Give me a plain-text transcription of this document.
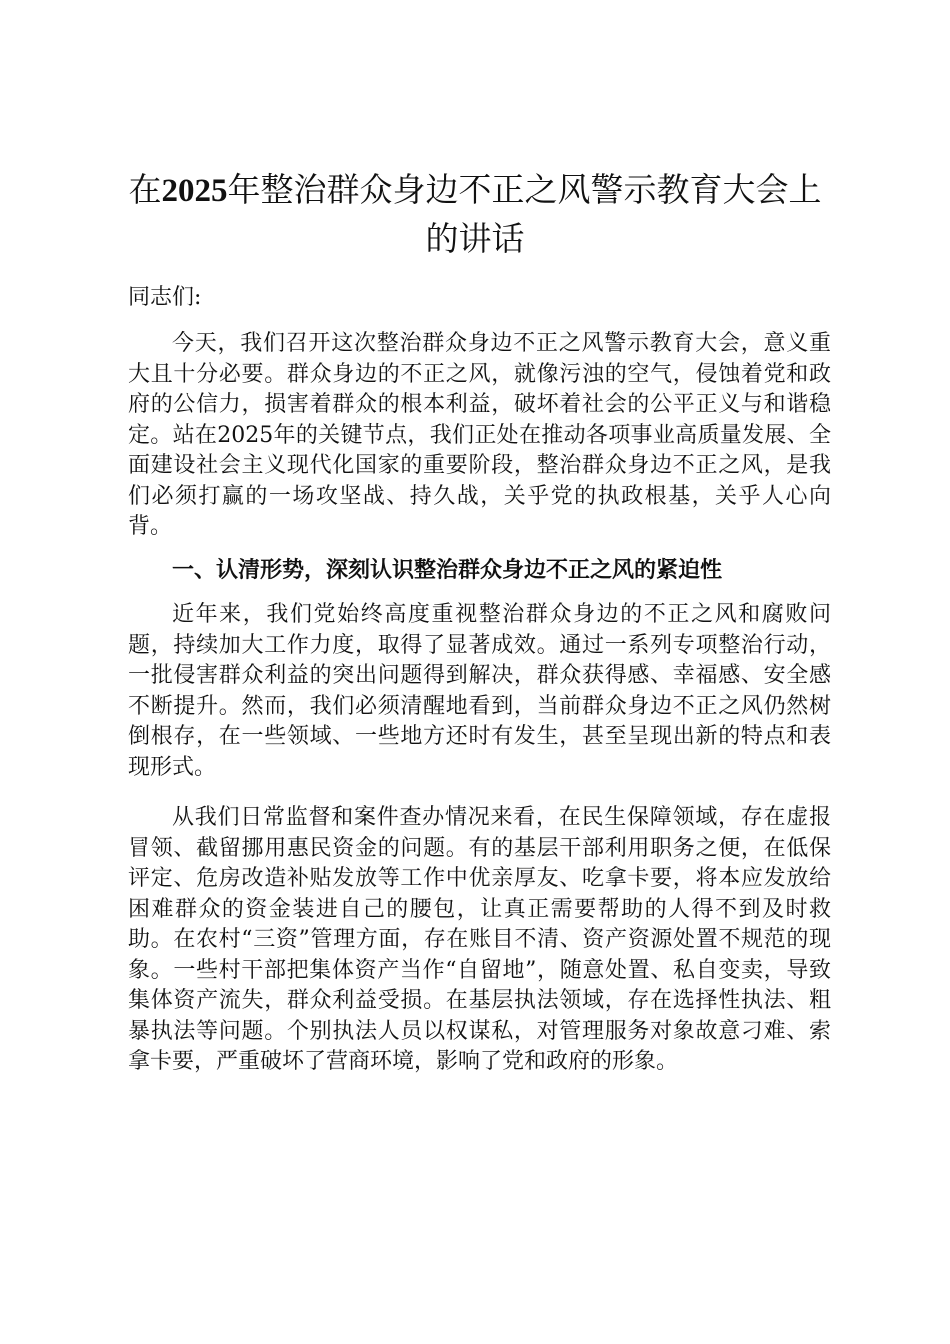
在2025年整治群众身边不正之风警示教育大会上的讲话

同志们:

今天，我们召开这次整治群众身边不正之风警示教育大会，意义重大且十分必要。群众身边的不正之风，就像污浊的空气，侵蚀着党和政府的公信力，损害着群众的根本利益，破坏着社会的公平正义与和谐稳定。站在2025年的关键节点，我们正处在推动各项事业高质量发展、全面建设社会主义现代化国家的重要阶段，整治群众身边不正之风，是我们必须打赢的一场攻坚战、持久战，关乎党的执政根基，关乎人心向背。

一、认清形势，深刻认识整治群众身边不正之风的紧迫性

近年来，我们党始终高度重视整治群众身边的不正之风和腐败问题，持续加大工作力度，取得了显著成效。通过一系列专项整治行动，一批侵害群众利益的突出问题得到解决，群众获得感、幸福感、安全感不断提升。然而，我们必须清醒地看到，当前群众身边不正之风仍然树倒根存，在一些领域、一些地方还时有发生，甚至呈现出新的特点和表现形式。

从我们日常监督和案件查办情况来看，在民生保障领域，存在虚报冒领、截留挪用惠民资金的问题。有的基层干部利用职务之便，在低保评定、危房改造补贴发放等工作中优亲厚友、吃拿卡要，将本应发放给困难群众的资金装进自己的腰包，让真正需要帮助的人得不到及时救助。在农村“三资”管理方面，存在账目不清、资产资源处置不规范的现象。一些村干部把集体资产当作“自留地”，随意处置、私自变卖，导致集体资产流失，群众利益受损。在基层执法领域，存在选择性执法、粗暴执法等问题。个别执法人员以权谋私，对管理服务对象故意刁难、索拿卡要，严重破坏了营商环境，影响了党和政府的形象。
